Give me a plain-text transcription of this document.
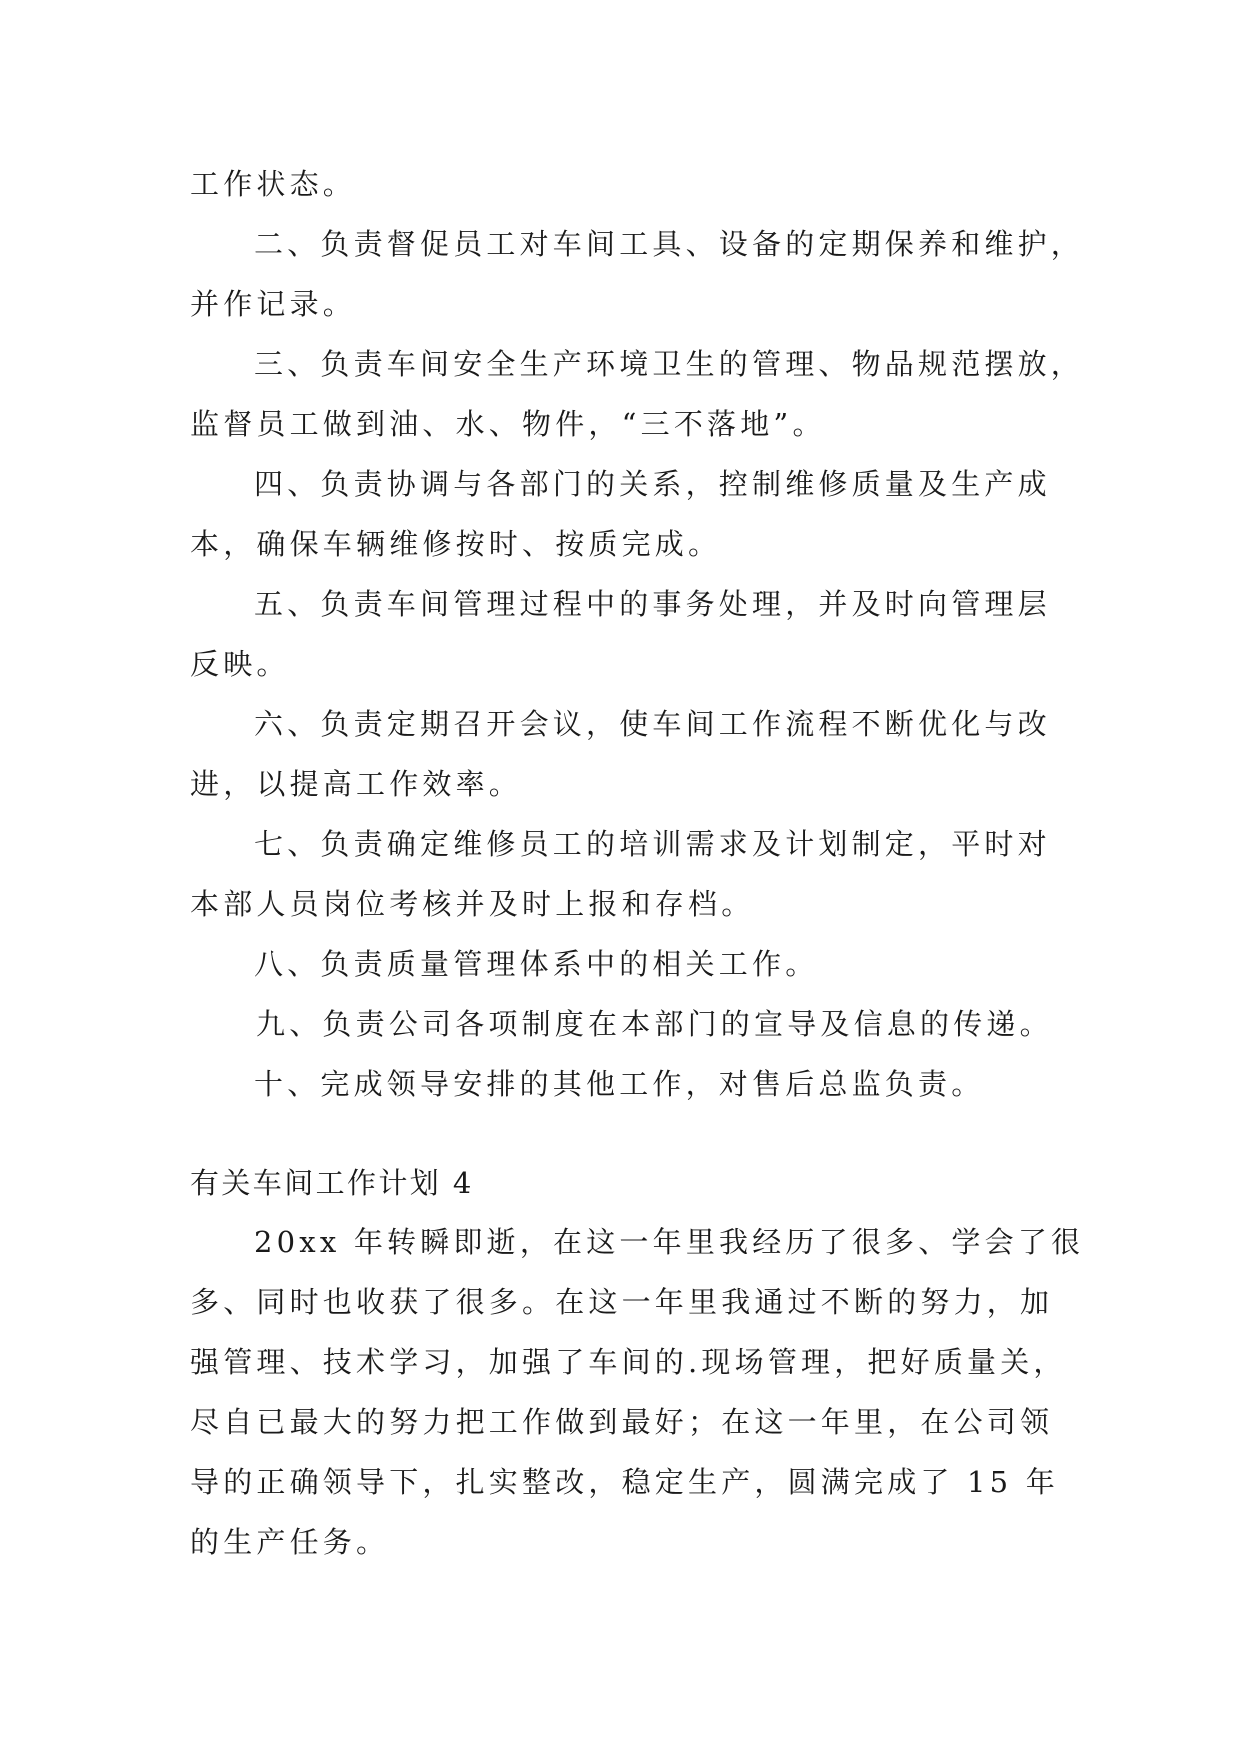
工作状态。
二、负责督促员工对车间工具、设备的定期保养和维护，
并作记录。
三、负责车间安全生产环境卫生的管理、物品规范摆放，
监督员工做到油、水、物件，“三不落地”。
四、负责协调与各部门的关系，控制维修质量及生产成
本，确保车辆维修按时、按质完成。
五、负责车间管理过程中的事务处理，并及时向管理层
反映。
六、负责定期召开会议，使车间工作流程不断优化与改
进，以提高工作效率。
七、负责确定维修员工的培训需求及计划制定，平时对
本部人员岗位考核并及时上报和存档。
八、负责质量管理体系中的相关工作。
九、负责公司各项制度在本部门的宣导及信息的传递。
十、完成领导安排的其他工作，对售后总监负责。
有关车间工作计划 4
20xx 年转瞬即逝，在这一年里我经历了很多、学会了很
多、同时也收获了很多。在这一年里我通过不断的努力，加
强管理、技术学习，加强了车间的.现场管理，把好质量关，
尽自已最大的努力把工作做到最好；在这一年里，在公司领
导的正确领导下，扎实整改，稳定生产，圆满完成了 15 年
的生产任务。
